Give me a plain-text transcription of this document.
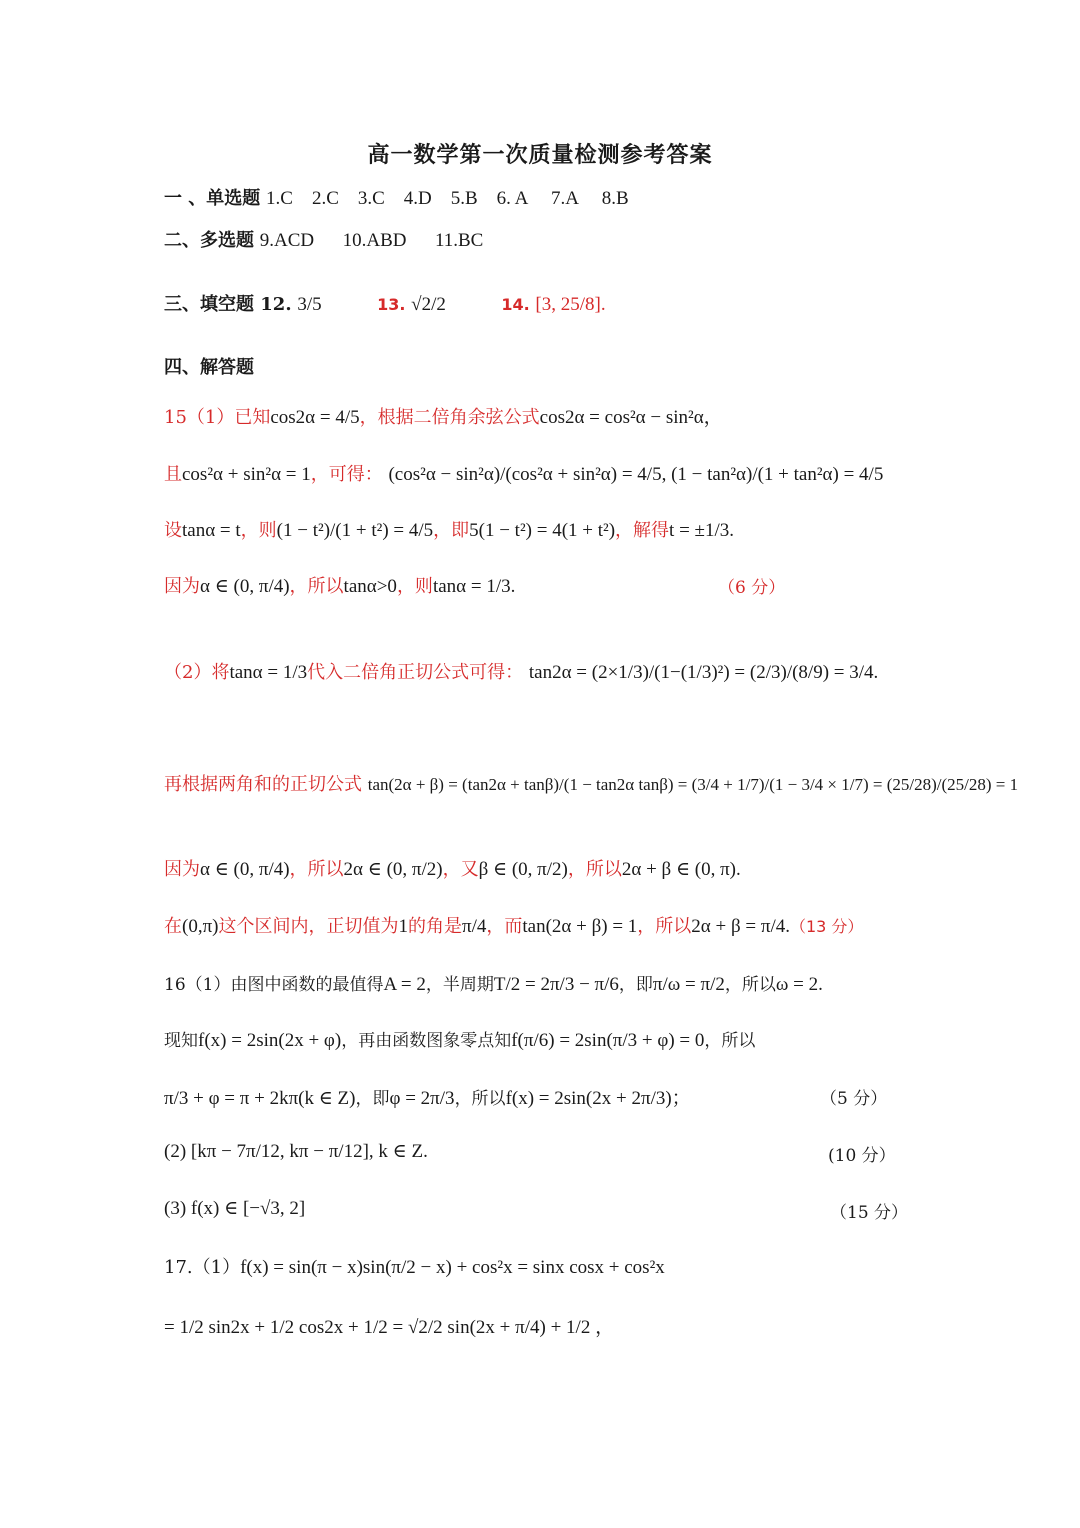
高一数学第一次质量检测参考答案
一 、单选题 1.C    2.C    3.C    4.D    5.B    6. A     7.A     8.B
二、多选题 9.ACD      10.ABD      11.BC
三、填空题 12. 3/5	13. √2/2	14. [3, 25/8].
四、解答题
15（1）已知cos2α = 4/5，根据二倍角余弦公式cos2α = cos²α − sin²α，
且cos²α + sin²α = 1，可得： (cos²α − sin²α)/(cos²α + sin²α) = 4/5, (1 − tan²α)/(1 + tan²α) = 4/5
设tanα = t，则(1 − t²)/(1 + t²) = 4/5，即5(1 − t²) = 4(1 + t²)，解得t = ±1/3.
因为α ∈ (0, π/4)，所以tanα>0，则tanα = 1/3.	（6 分）
（2）将tanα = 1/3代入二倍角正切公式可得： tan2α = (2×1/3)/(1−(1/3)²) = (2/3)/(8/9) = 3/4.
再根据两角和的正切公式 tan(2α + β) = (tan2α + tanβ)/(1 − tan2α tanβ) = (3/4 + 1/7)/(1 − 3/4 × 1/7) = (25/28)/(25/28) = 1
因为α ∈ (0, π/4)，所以2α ∈ (0, π/2)，又β ∈ (0, π/2)，所以2α + β ∈ (0, π).
在(0,π)这个区间内，正切值为1的角是π/4，而tan(2α + β) = 1，所以2α + β = π/4.（13 分）
16（1）由图中函数的最值得A = 2，半周期T/2 = 2π/3 − π/6，即π/ω = π/2，所以ω = 2.
现知f(x) = 2sin(2x + φ)，再由函数图象零点知f(π/6) = 2sin(π/3 + φ) = 0，所以
π/3 + φ = π + 2kπ(k ∈ Z)，即φ = 2π/3，所以f(x) = 2sin(2x + 2π/3)；	（5 分）
(2) [kπ − 7π/12, kπ − π/12], k ∈ Z.	(10 分）
(3) f(x) ∈ [−√3, 2]	（15 分）
17.（1）f(x) = sin(π − x)sin(π/2 − x) + cos²x = sinx cosx + cos²x
= 1/2 sin2x + 1/2 cos2x + 1/2 = √2/2 sin(2x + π/4) + 1/2 ，
